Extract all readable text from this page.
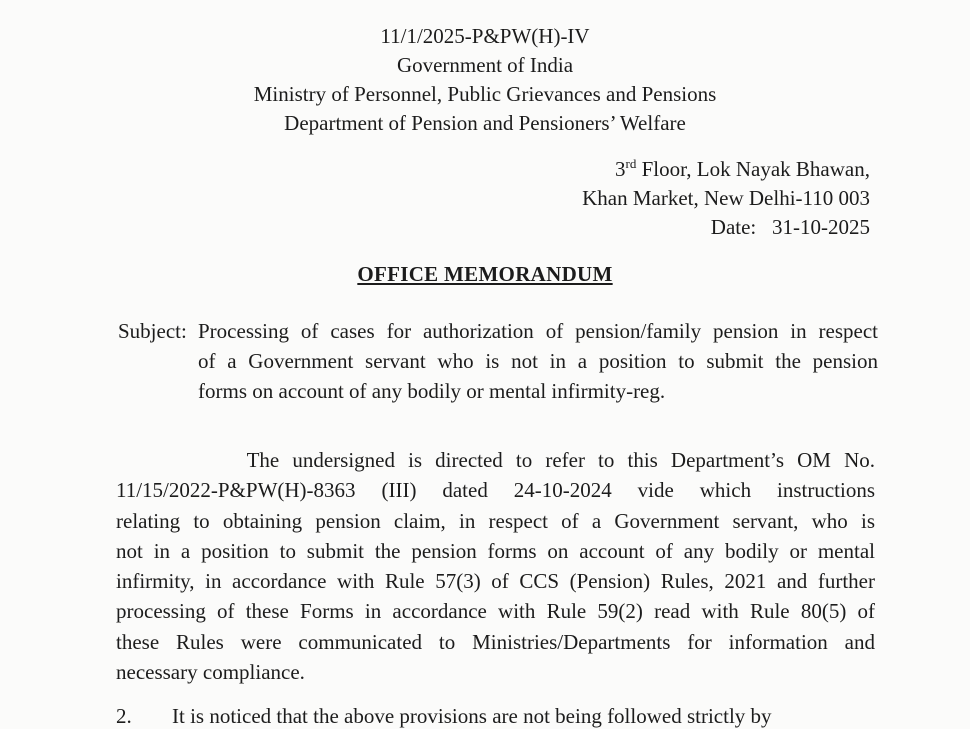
11/1/2025-P&PW(H)-IV
Government of India
Ministry of Personnel, Public Grievances and Pensions
Department of Pension and Pensioners’ Welfare
3rd Floor, Lok Nayak Bhawan,
Khan Market, New Delhi-110 003
Date:   31-10-2025
OFFICE MEMORANDUM
Subject: Processing of cases for authorization of pension/family pension in respect
of a Government servant who is not in a position to submit the pension
forms on account of any bodily or mental infirmity-reg.
The undersigned is directed to refer to this Department’s OM No.
11/15/2022-P&PW(H)-8363 (III) dated 24-10-2024 vide which instructions
relating to obtaining pension claim, in respect of a Government servant, who is
not in a position to submit the pension forms on account of any bodily or mental
infirmity, in accordance with Rule 57(3) of CCS (Pension) Rules, 2021 and further
processing of these Forms in accordance with Rule 59(2) read with Rule 80(5) of
these Rules were communicated to Ministries/Departments for information and
necessary compliance.
2. It is noticed that the above provisions are not being followed strictly by
